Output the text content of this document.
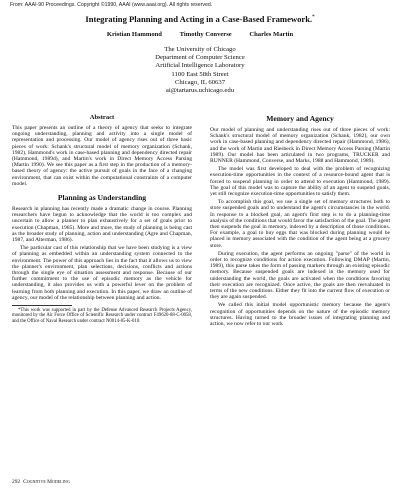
From: AAAI-90 Proceedings. Copyright ©1990, AAAI (www.aaai.org). All rights reserved.
Integrating Planning and Acting in a Case-Based Framework.*
Kristian Hammond	Timothy Converse	Charles Martin
The University of Chicago
Department of Computer Science
Artificial Intelligence Laboratory
1100 East 58th Street
Chicago, IL 60637
ai@tartarus.uchicago.edu
Abstract

This paper presents an outline of a theory of agency that seeks to integrate ongoing understanding, planning and activity into a single model of representation and processing. Our model of agency rises out of three basic pieces of work: Schank's structural model of memory organization (Schank, 1982), Hammond's work in case-based planning and dependency directed repair (Hammond, 1989d), and Martin's work in Direct Memory Access Parsing (Martin 1990). We see this paper as a first step in the production of a memory-based theory of agency: the active pursuit of goals in the face of a changing environment, that can exist within the computational constraints of a computer model.

Planning as Understanding

Research in planning has recently made a dramatic change in course. Planning researchers have begun to acknowledge that the world is too complex and uncertain to allow a planner to plan exhaustively for a set of goals prior to execution (Chapman, 1985). More and more, the study of planning is being cast as the broader study of planning, action and understanding (Agre and Chapman, 1987, and Alterman, 1986).

The particular cast of this relationship that we have been studying is a view of planning as embedded within an understanding system connected to the environment. The power of this approach lies in the fact that it allows us to view the planner's environment, plan selections, decisions, conflicts and actions through the single eye of situation assessment and response. Because of our further commitment to the use of episodic memory as the vehicle for understanding, it also provides us with a powerful lever on the problem of learning from both planning and execution. In this paper, we draw an outline of agency, our model of the relationship between planning and action.

*This work was supported in part by the Defense Advanced Research Projects Agency, monitored by the Air Force Office of Scientific Research under contract F49620-88-C-0058, and the Office of Naval Research under contract N0014-85-K-010.
Memory and Agency

Our model of planning and understanding rises out of three pieces of work: Schank's structural model of memory organization (Schank, 1982), our own work in case-based planning and dependency directed repair (Hammond, 1986), and the work of Martin and Riesbeck in Direct Memory Access Parsing (Martin 1989). Our model has been articulated in two programs, TRUCKER and RUNNER (Hammond, Converse, and Marks, 1988 and Hammond, 1989).

The model was first developed to deal with the problem of recognizing execution-time opportunities in the context of a resource-bound agent that is forced to suspend planning in order to attend to execution (Hammond, 1989). The goal of this model was to capture the ability of an agent to suspend goals, yet still recognize execution-time opportunities to satisfy them.

To accomplish this goal, we use a single set of memory structures both to store suspended goals and to understand the agent's circumstances in the world. In response to a blocked goal, an agent's first step is to do a planning-time analysis of the conditions that would favor the satisfaction of the goal. The agent then suspends the goal in memory, indexed by a description of those conditions. For example, a goal to buy eggs that was blocked during planning would be placed in memory associated with the condition of the agent being at a grocery store.

During execution, the agent performs an ongoing "parse" of the world in order to recognize conditions for action execution. Following DMAP (Martin, 1989), this parse takes the form of passing markers through an existing episodic memory. Because suspended goals are indexed in the memory used for understanding the world, the goals are activated when the conditions favoring their execution are recognized. Once active, the goals are then reevaluated in terms of the new conditions. Either they fit into the current flow of execution or they are again suspended.

We called this initial model opportunistic memory because the agent's recognition of opportunities depends on the nature of the episodic memory structures. Having turned to the broader issues of integrating planning and action, we now refer to our work

292 Cognitive Modeling
